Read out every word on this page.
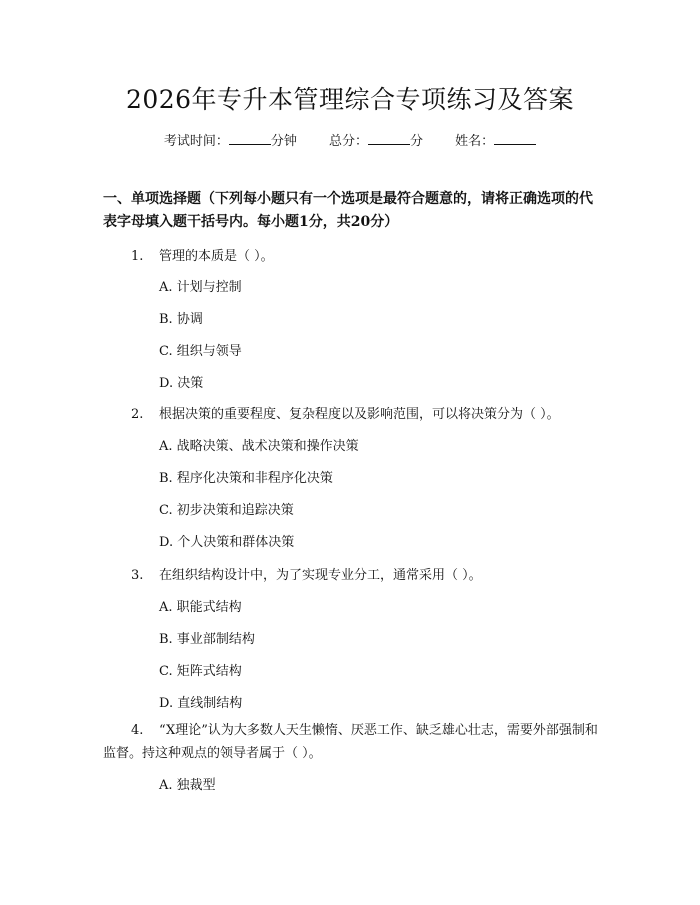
2026年专升本管理综合专项练习及答案
考试时间：	分钟 总分：	分 姓名：
一、单项选择题（下列每小题只有一个选项是最符合题意的，请将正确选项的代表字母填入题干括号内。每小题1分，共20分）
1. 管理的本质是（ ）。
A. 计划与控制
B. 协调
C. 组织与领导
D. 决策
2. 根据决策的重要程度、复杂程度以及影响范围，可以将决策分为（ ）。
A. 战略决策、战术决策和操作决策
B. 程序化决策和非程序化决策
C. 初步决策和追踪决策
D. 个人决策和群体决策
3. 在组织结构设计中，为了实现专业分工，通常采用（ ）。
A. 职能式结构
B. 事业部制结构
C. 矩阵式结构
D. 直线制结构
4. “X理论”认为大多数人天生懒惰、厌恶工作、缺乏雄心壮志，需要外部强制和监督。持这种观点的领导者属于（ ）。
A. 独裁型
